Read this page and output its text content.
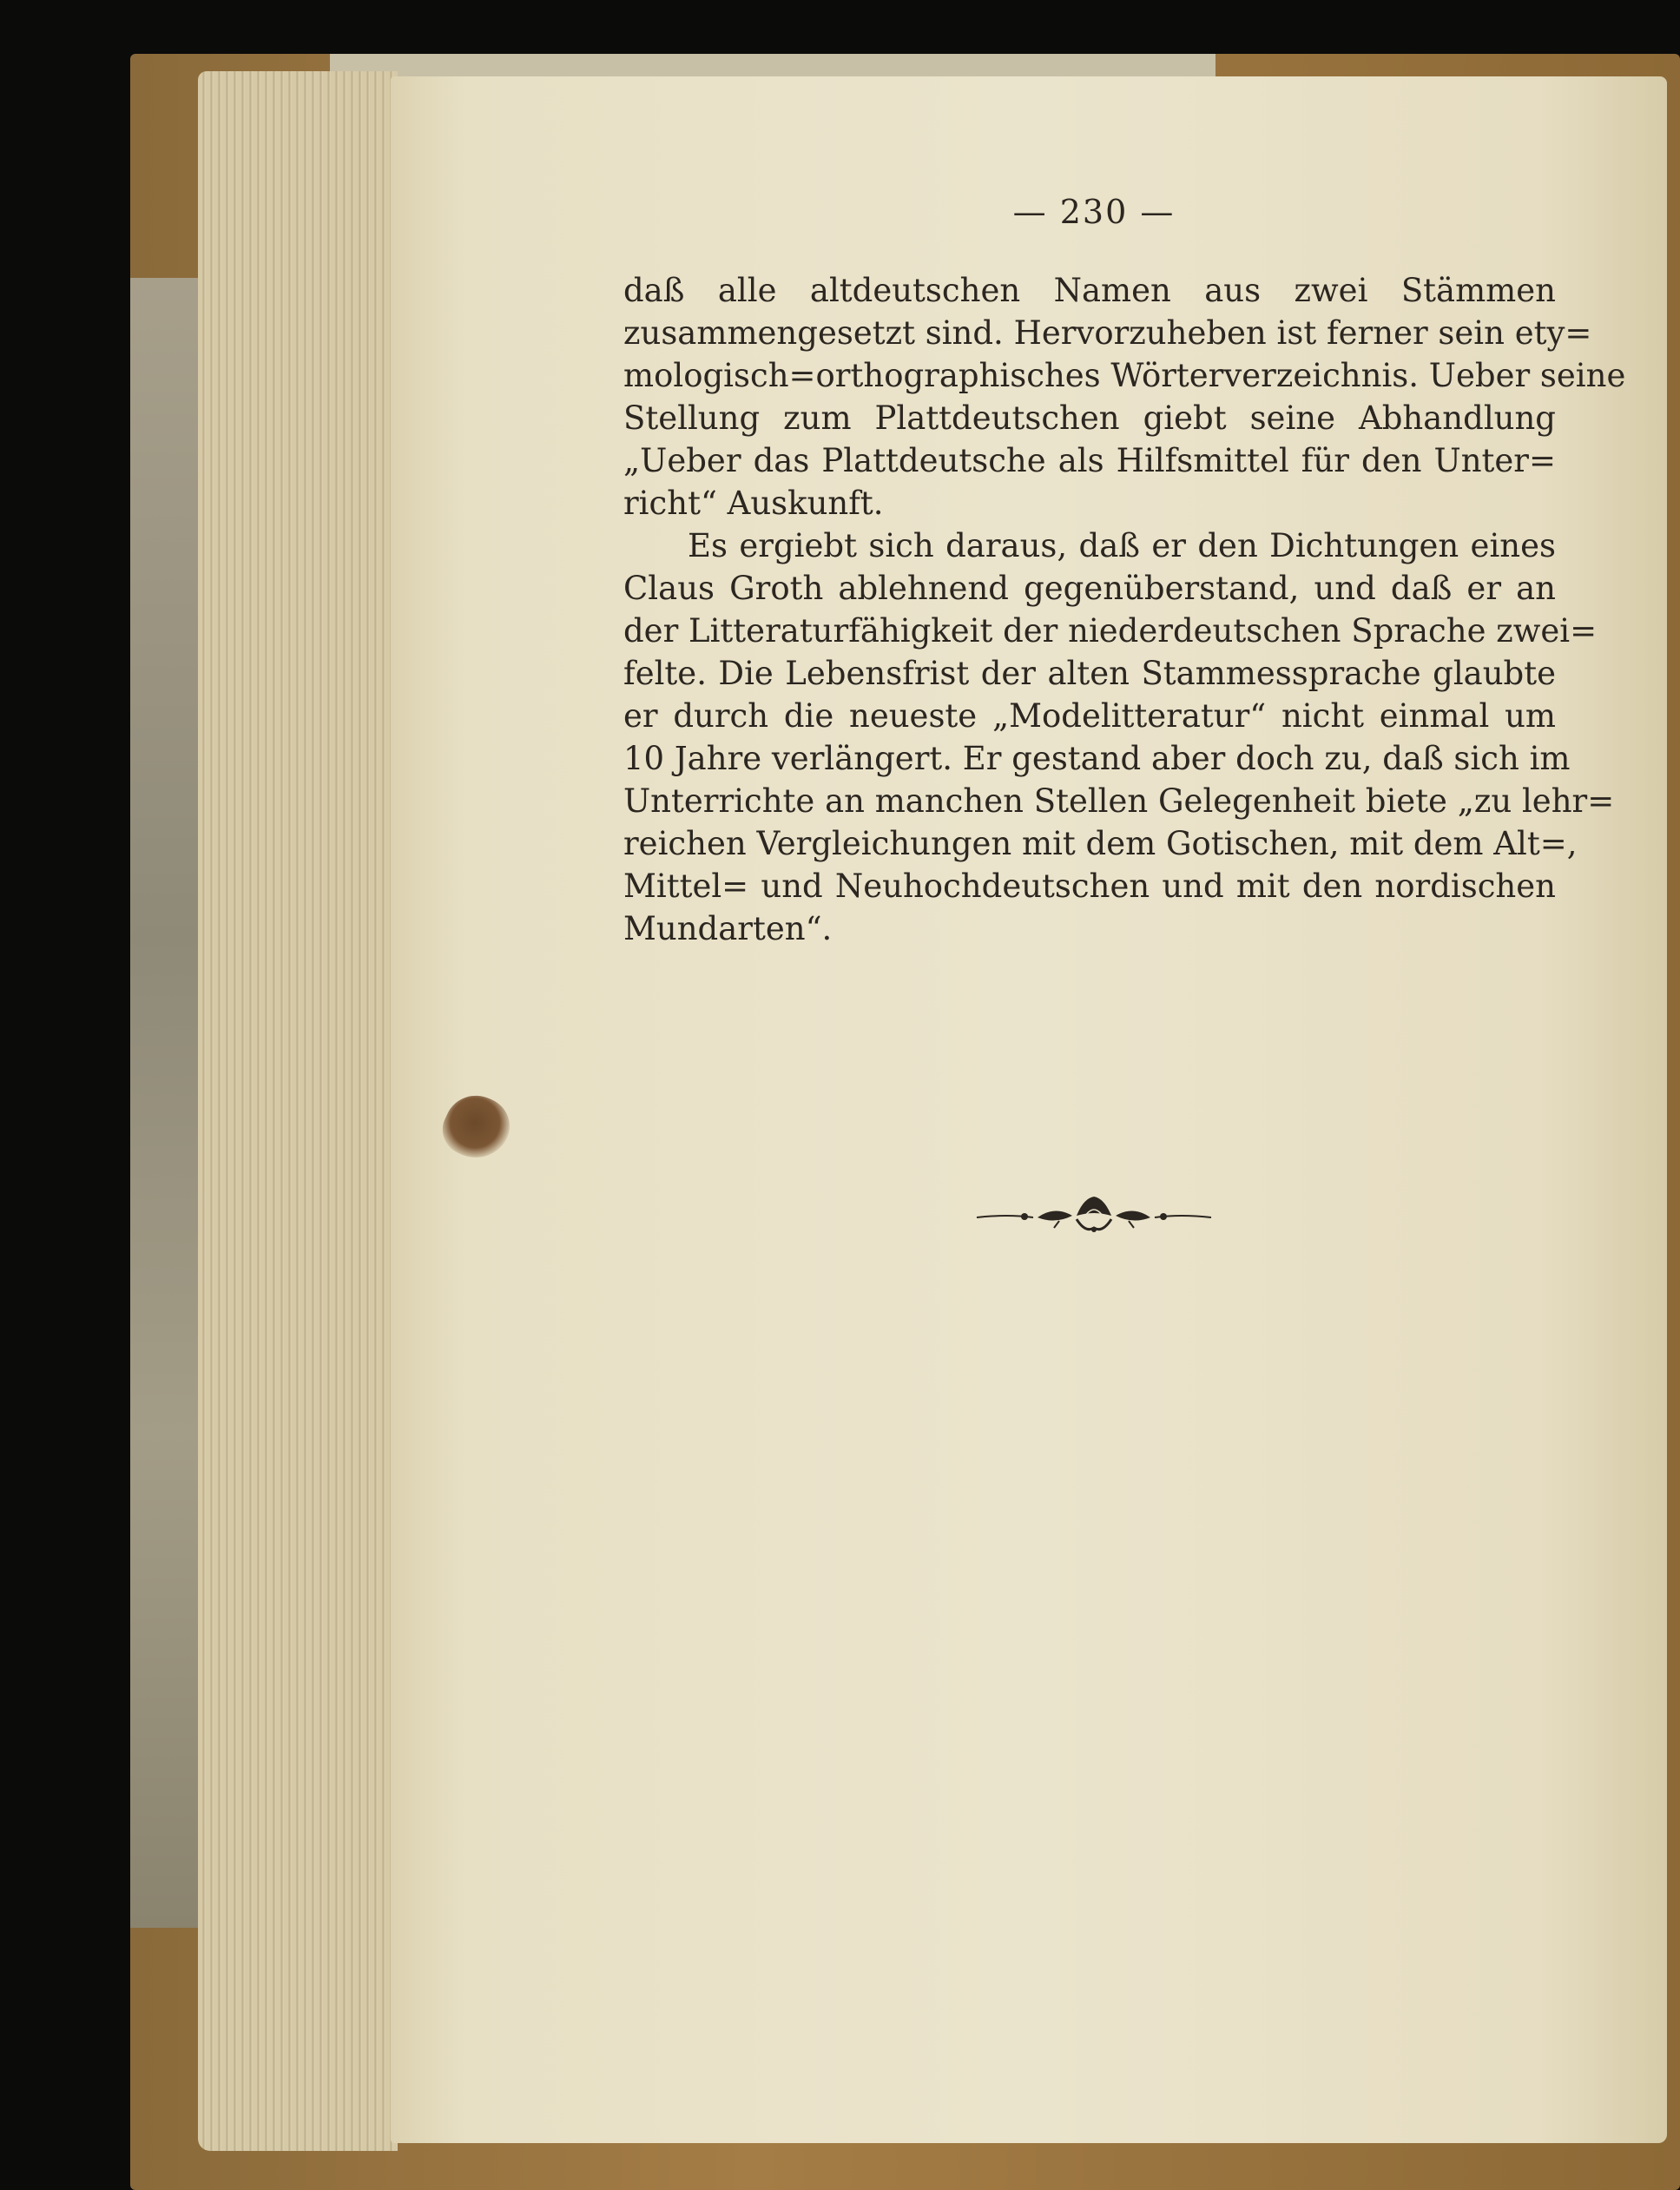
— 230 —
daß alle altdeutschen Namen aus zwei Stämmen
zusammengesetzt sind. Hervorzuheben ist ferner sein ety=
mologisch=orthographisches Wörterverzeichnis. Ueber seine
Stellung zum Plattdeutschen giebt seine Abhandlung
„Ueber das Plattdeutsche als Hilfsmittel für den Unter=
richt“ Auskunft.
Es ergiebt sich daraus, daß er den Dichtungen eines
Claus Groth ablehnend gegenüberstand, und daß er an
der Litteraturfähigkeit der niederdeutschen Sprache zwei=
felte. Die Lebensfrist der alten Stammessprache glaubte
er durch die neueste „Modelitteratur“ nicht einmal um
10 Jahre verlängert. Er gestand aber doch zu, daß sich im
Unterrichte an manchen Stellen Gelegenheit biete „zu lehr=
reichen Vergleichungen mit dem Gotischen, mit dem Alt=,
Mittel= und Neuhochdeutschen und mit den nordischen
Mundarten“.
